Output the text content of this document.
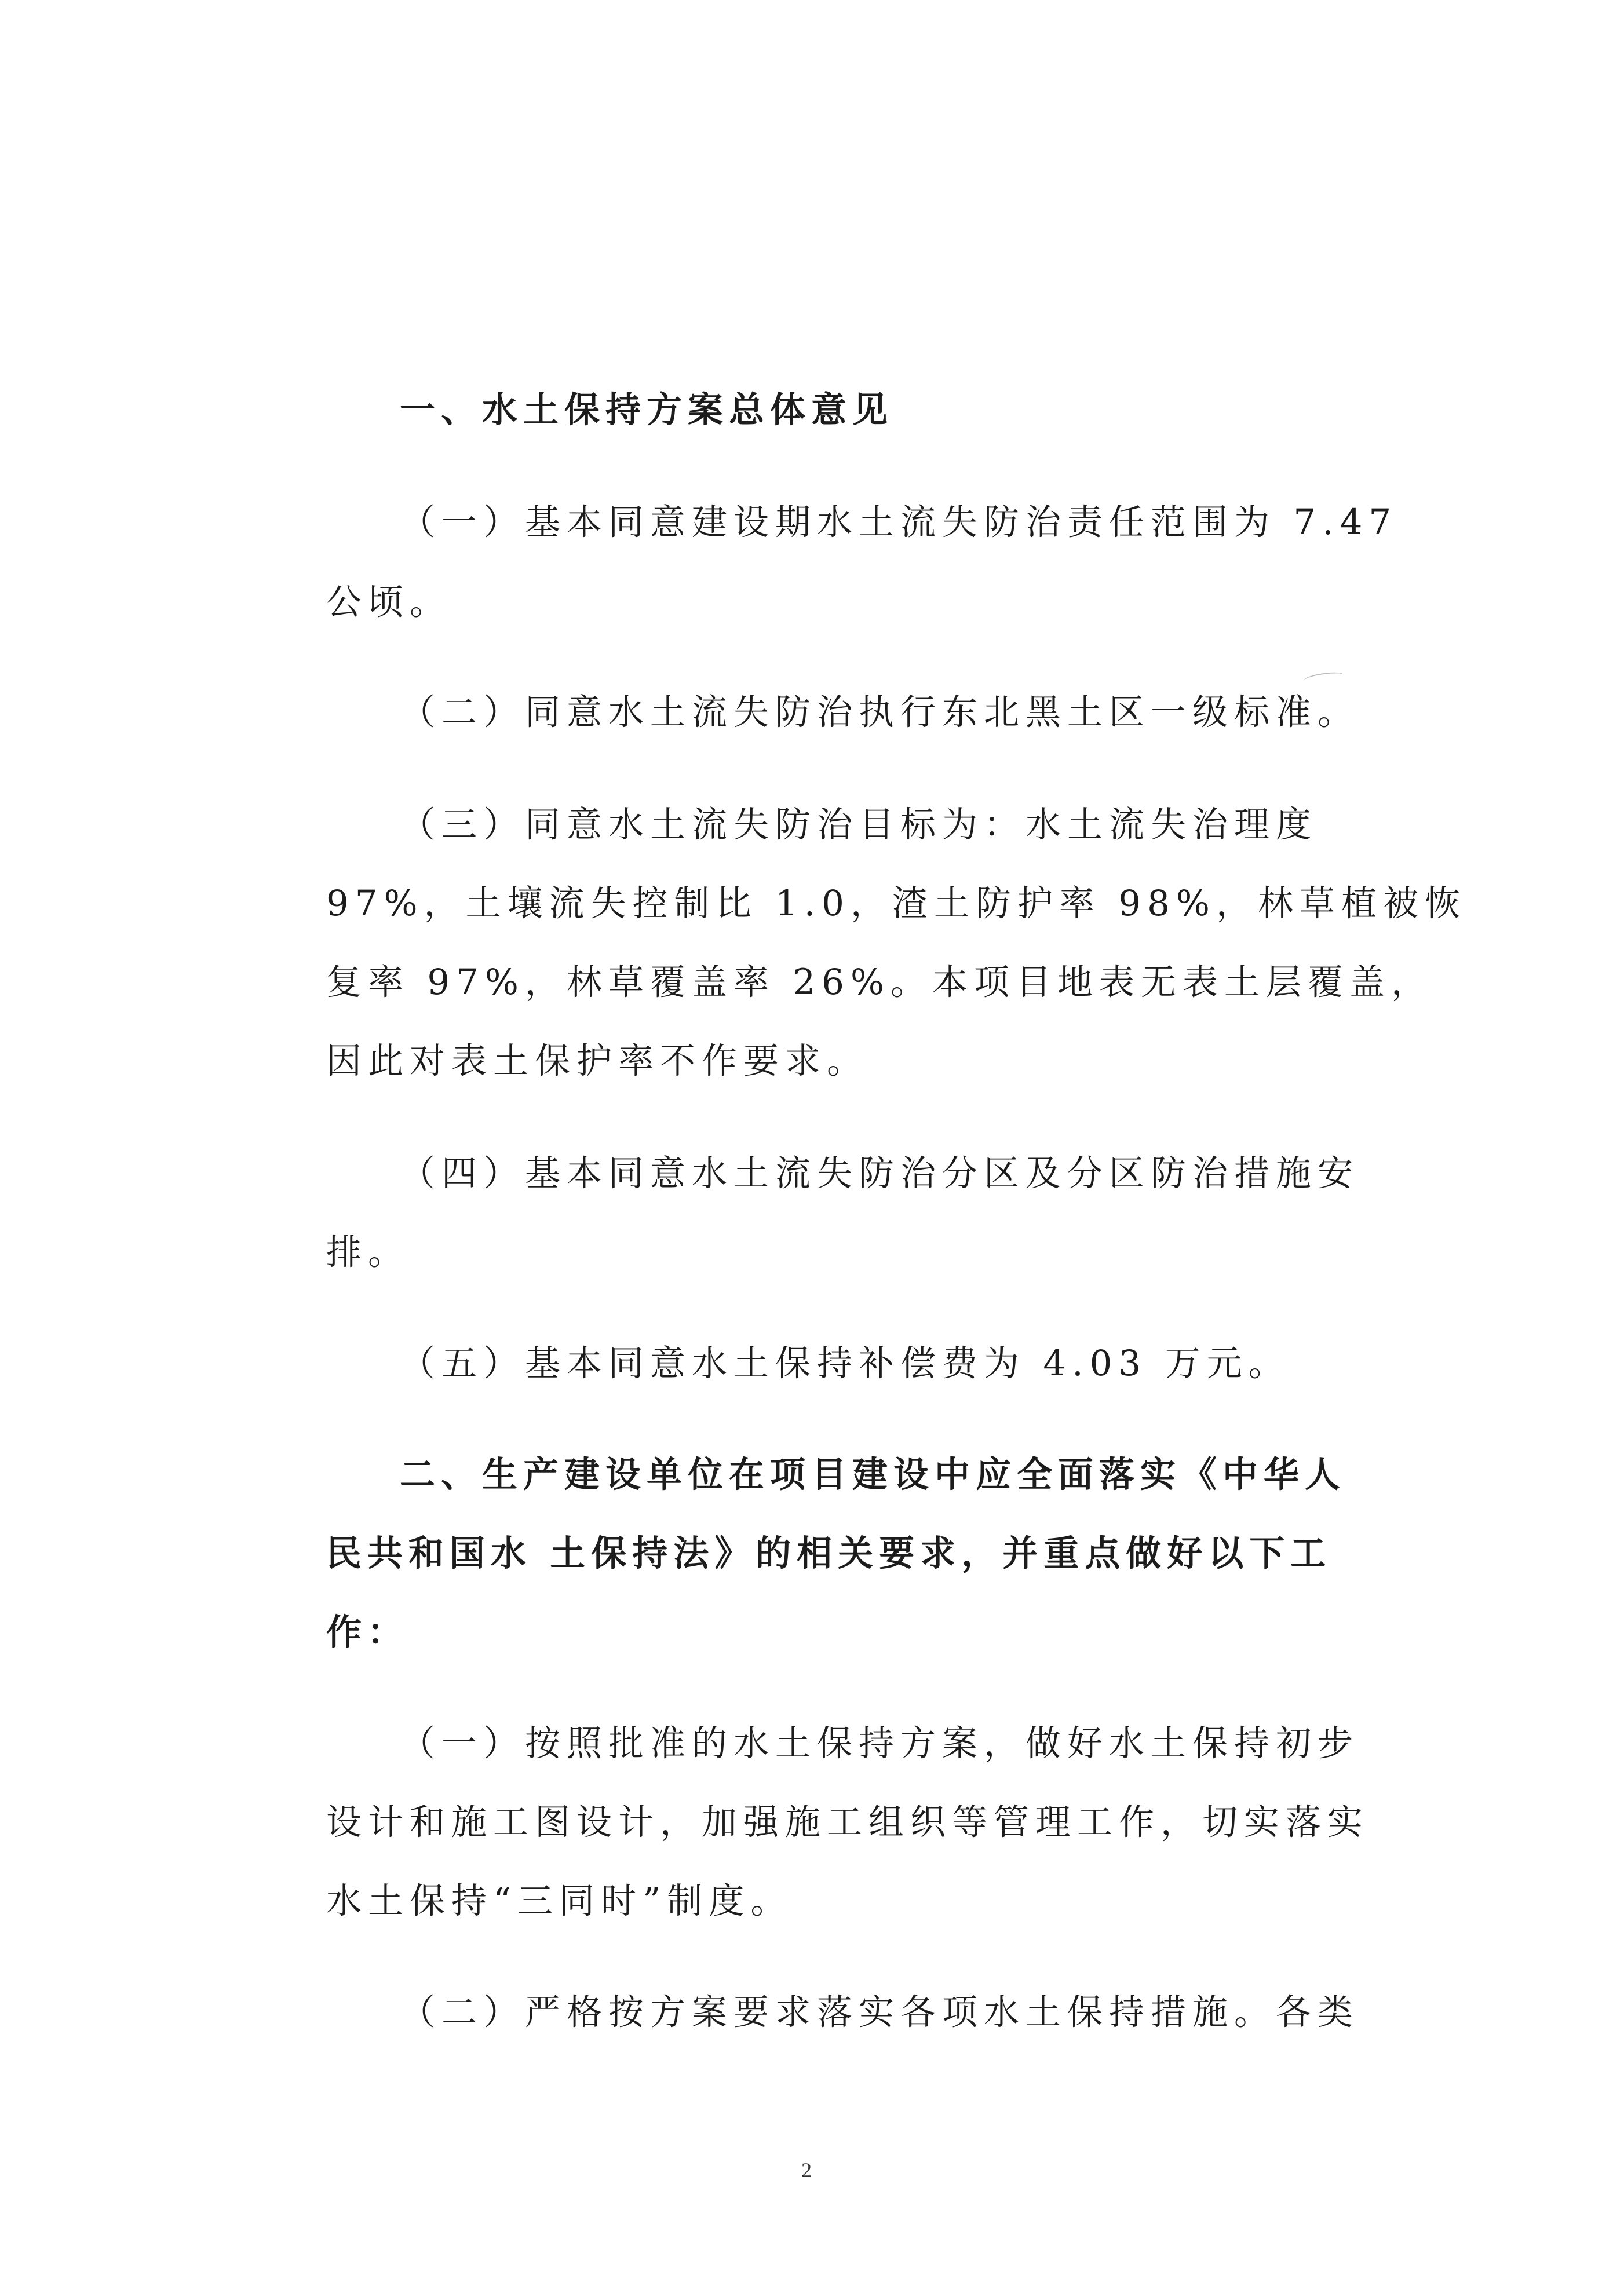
一、水土保持方案总体意见
（一）基本同意建设期水土流失防治责任范围为 7.47
公顷。
（二）同意水土流失防治执行东北黑土区一级标准。
（三）同意水土流失防治目标为：水土流失治理度
97%，土壤流失控制比 1.0，渣土防护率 98%，林草植被恢
复率 97%，林草覆盖率 26%。本项目地表无表土层覆盖，
因此对表土保护率不作要求。
（四）基本同意水土流失防治分区及分区防治措施安
排。
（五）基本同意水土保持补偿费为 4.03 万元。
二、生产建设单位在项目建设中应全面落实《中华人
民共和国水 土保持法》的相关要求，并重点做好以下工
作：
（一）按照批准的水土保持方案，做好水土保持初步
设计和施工图设计，加强施工组织等管理工作，切实落实
水土保持“三同时”制度。
（二）严格按方案要求落实各项水土保持措施。各类
2
